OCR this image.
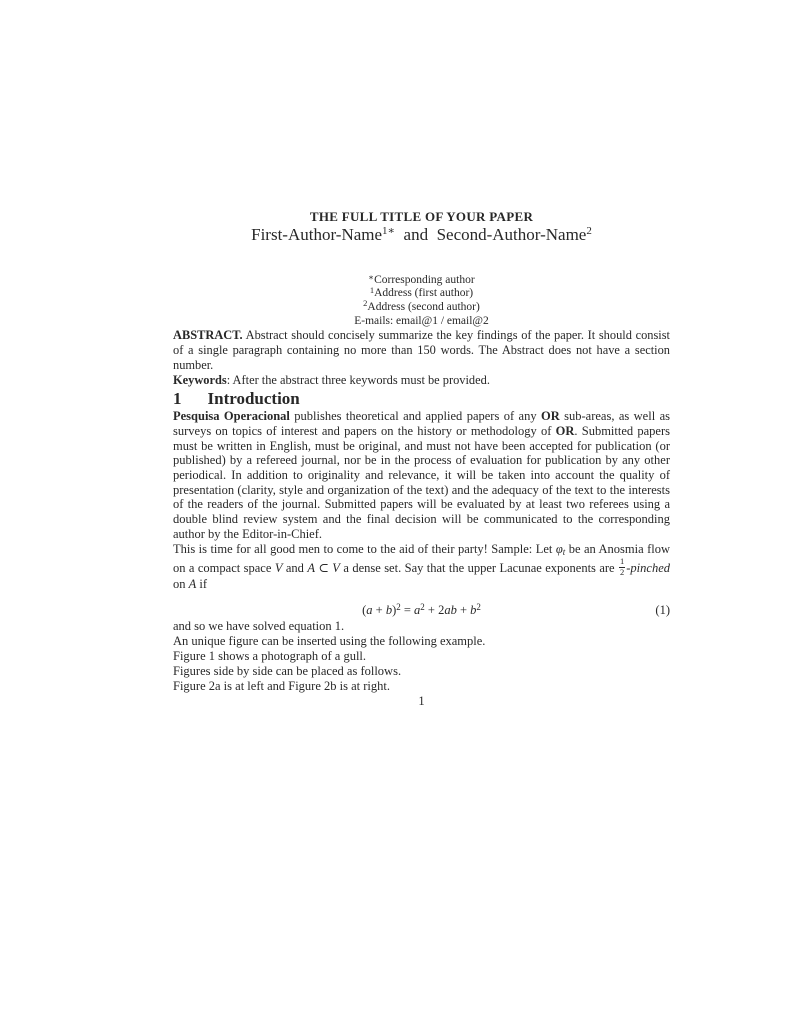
THE FULL TITLE OF YOUR PAPER

First-Author-Name$^{1∗}$ and Second-Author-Name$^2$

∗Corresponding author
$^1$Address (first author)
$^2$Address (second author)

E-mails: email@1 / email@2

ABSTRACT. Abstract should concisely summarize the key findings of the paper. It should consist of a single paragraph containing no more than 150 words. The Abstract does not have a section number.

Keywords: After the abstract three keywords must be provided.

1 Introduction

Pesquisa Operacional publishes theoretical and applied papers of any OR sub-areas, as well as surveys on topics of interest and papers on the history or methodology of OR. Submitted papers must be written in English, must be original, and must not have been accepted for publication (or published) by a refereed journal, nor be in the process of evaluation for publication by any other periodical. In addition to originality and relevance, it will be taken into account the quality of presentation (clarity, style and organization of the text) and the adequacy of the text to the interests of the readers of the journal. Submitted papers will be evaluated by at least two referees using a double blind review system and the final decision will be communicated to the corresponding author by the Editor-in-Chief.

This is time for all good men to come to the aid of their party! Sample: Let $\varphi_t$ be an Anosmia flow on a compact space V and A ⊂ V a dense set. Say that the upper Lacunae exponents are $\frac{1}{2}$ -pinched on A if

$(a + b)^2 = a^2 + 2ab + b^2$	(1)

and so we have solved equation 1.

An unique figure can be inserted using the following example.

Figure 1 shows a photograph of a gull.

Figures side by side can be placed as follows.

Figure 2a is at left and Figure 2b is at right.

1
